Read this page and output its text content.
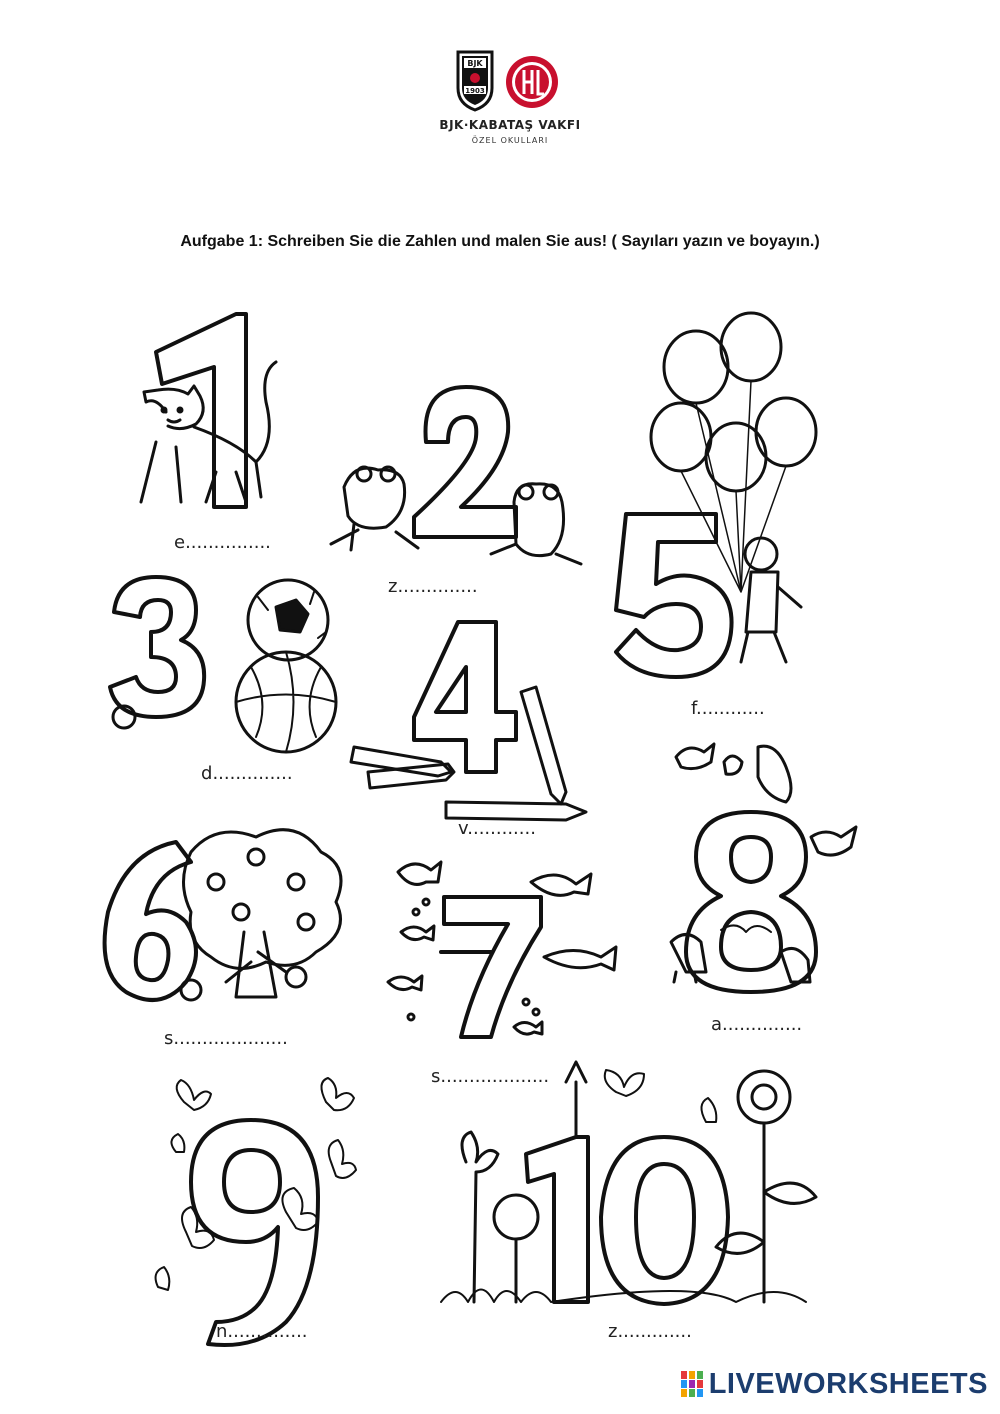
BJK
1903
BJK·KABATAŞ VAKFI
ÖZEL OKULLARI
Aufgabe 1: Schreiben Sie die Zahlen und malen Sie aus! ( Sayıları yazın ve boyayın.)
e...............
z..............
f............
d..............
v............
s....................
s...................
a..............
n..............	z.............
LIVEWORKSHEETS
